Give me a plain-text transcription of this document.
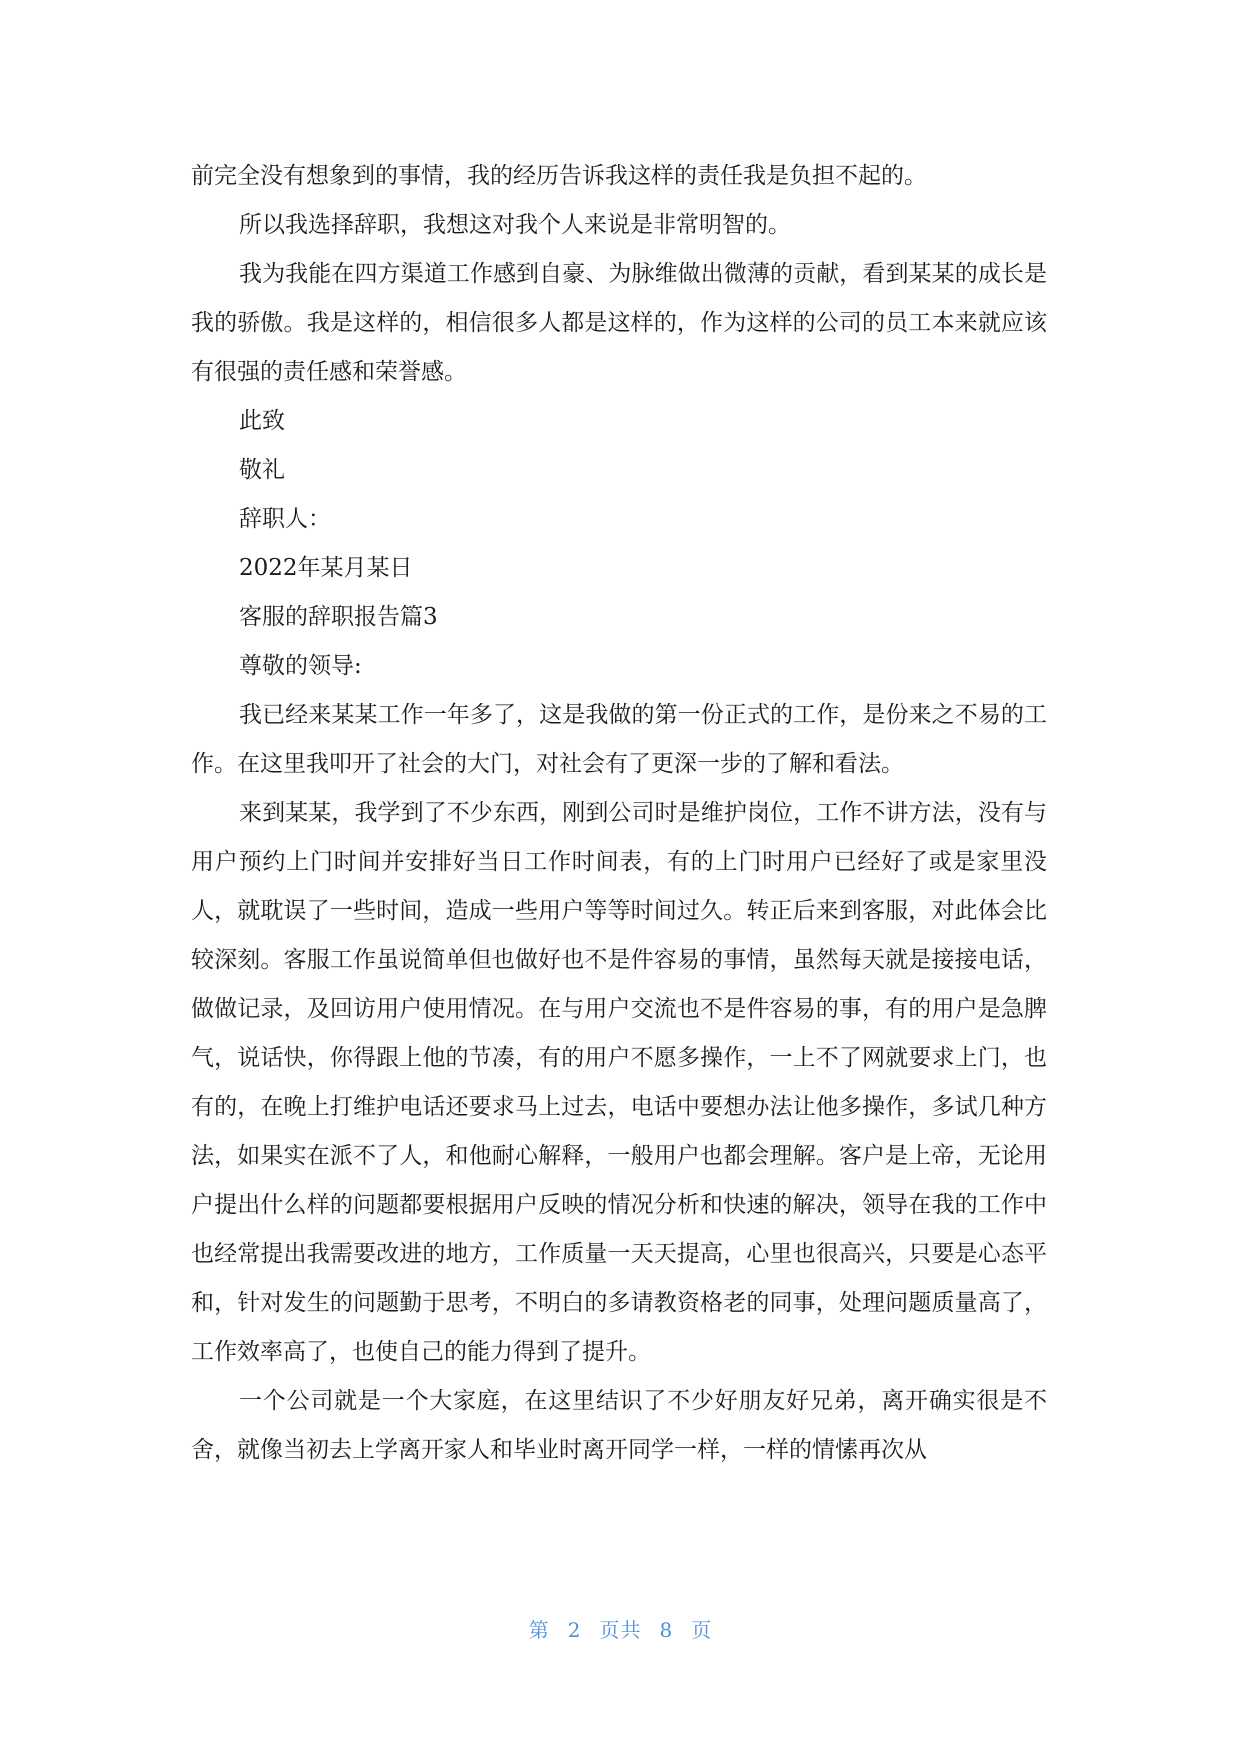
前完全没有想象到的事情，我的经历告诉我这样的责任我是负担不起的。

所以我选择辞职，我想这对我个人来说是非常明智的。

我为我能在四方渠道工作感到自豪、为脉维做出微薄的贡献，看到某某的成长是我的骄傲。我是这样的，相信很多人都是这样的，作为这样的公司的员工本来就应该有很强的责任感和荣誉感。

此致

敬礼

辞职人：

2022年某月某日

客服的辞职报告篇3

尊敬的领导:

我已经来某某工作一年多了，这是我做的第一份正式的工作，是份来之不易的工作。在这里我叩开了社会的大门，对社会有了更深一步的了解和看法。

来到某某，我学到了不少东西，刚到公司时是维护岗位，工作不讲方法，没有与用户预约上门时间并安排好当日工作时间表，有的上门时用户已经好了或是家里没人，就耽误了一些时间，造成一些用户等等时间过久。转正后来到客服，对此体会比较深刻。客服工作虽说简单但也做好也不是件容易的事情，虽然每天就是接接电话，做做记录，及回访用户使用情况。在与用户交流也不是件容易的事，有的用户是急脾气，说话快，你得跟上他的节凑，有的用户不愿多操作，一上不了网就要求上门，也有的，在晚上打维护电话还要求马上过去，电话中要想办法让他多操作，多试几种方法，如果实在派不了人，和他耐心解释，一般用户也都会理解。客户是上帝，无论用户提出什么样的问题都要根据用户反映的情况分析和快速的解决，领导在我的工作中也经常提出我需要改进的地方，工作质量一天天提高，心里也很高兴，只要是心态平和，针对发生的问题勤于思考，不明白的多请教资格老的同事，处理问题质量高了，工作效率高了，也使自己的能力得到了提升。

一个公司就是一个大家庭，在这里结识了不少好朋友好兄弟，离开确实很是不舍，就像当初去上学离开家人和毕业时离开同学一样，一样的情愫再次从

第 2 页共 8 页
